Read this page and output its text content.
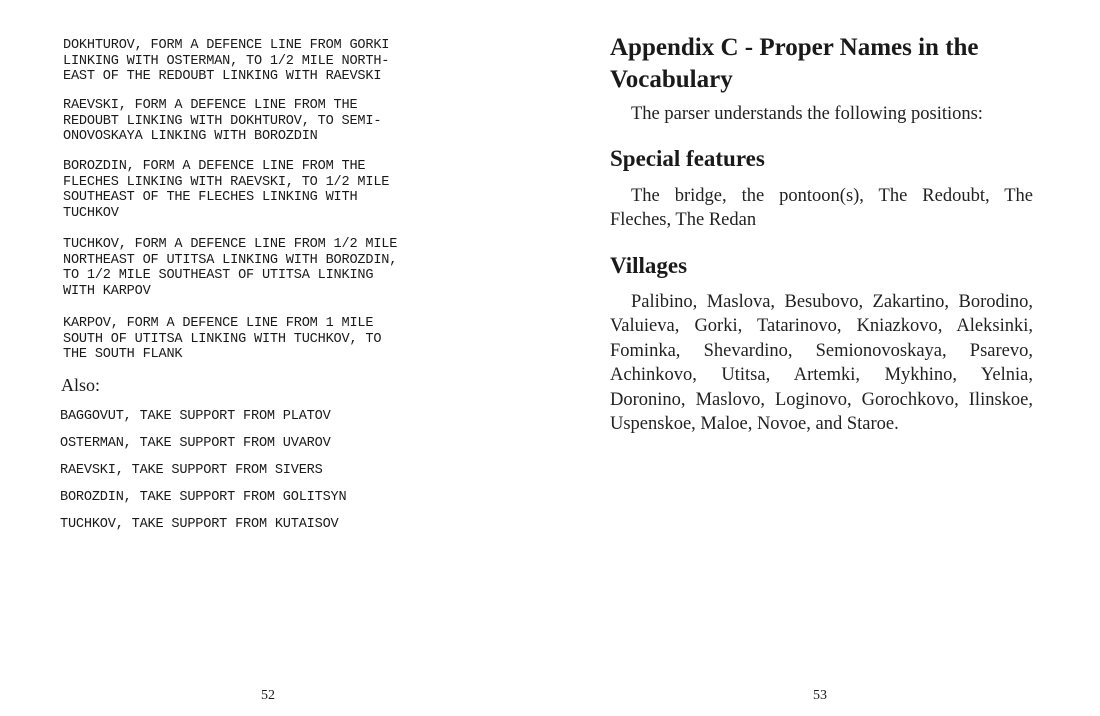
DOKHTUROV, FORM A DEFENCE LINE FROM GORKI
LINKING WITH OSTERMAN, TO 1/2 MILE NORTH-
EAST OF THE REDOUBT LINKING WITH RAEVSKI
RAEVSKI, FORM A DEFENCE LINE FROM THE
REDOUBT LINKING WITH DOKHTUROV, TO SEMI-
ONOVOSKAYA LINKING WITH BOROZDIN
BOROZDIN, FORM A DEFENCE LINE FROM THE
FLECHES LINKING WITH RAEVSKI, TO 1/2 MILE
SOUTHEAST OF THE FLECHES LINKING WITH
TUCHKOV
TUCHKOV, FORM A DEFENCE LINE FROM 1/2 MILE
NORTHEAST OF UTITSA LINKING WITH BOROZDIN,
TO 1/2 MILE SOUTHEAST OF UTITSA LINKING
WITH KARPOV
KARPOV, FORM A DEFENCE LINE FROM 1 MILE
SOUTH OF UTITSA LINKING WITH TUCHKOV, TO
THE SOUTH FLANK
Also:
BAGGOVUT, TAKE SUPPORT FROM PLATOV
OSTERMAN, TAKE SUPPORT FROM UVAROV
RAEVSKI, TAKE SUPPORT FROM SIVERS
BOROZDIN, TAKE SUPPORT FROM GOLITSYN
TUCHKOV, TAKE SUPPORT FROM KUTAISOV
52
Appendix C - Proper Names in the Vocabulary

The parser understands the following positions:

Special features

The bridge, the pontoon(s), The Redoubt, The Fleches, The Redan

Villages

Palibino, Maslova, Besubovo, Zakartino, Borodino, Valuieva, Gorki, Tatarinovo, Kniazkovo, Aleksinki, Fominka, Shevardino, Semionovoskaya, Psarevo, Achinkovo, Utitsa, Artemki, Mykhino, Yelnia, Doronino, Maslovo, Loginovo, Gorochkovo, Ilinskoe, Uspenskoe, Maloe, Novoe, and Staroe.

53
